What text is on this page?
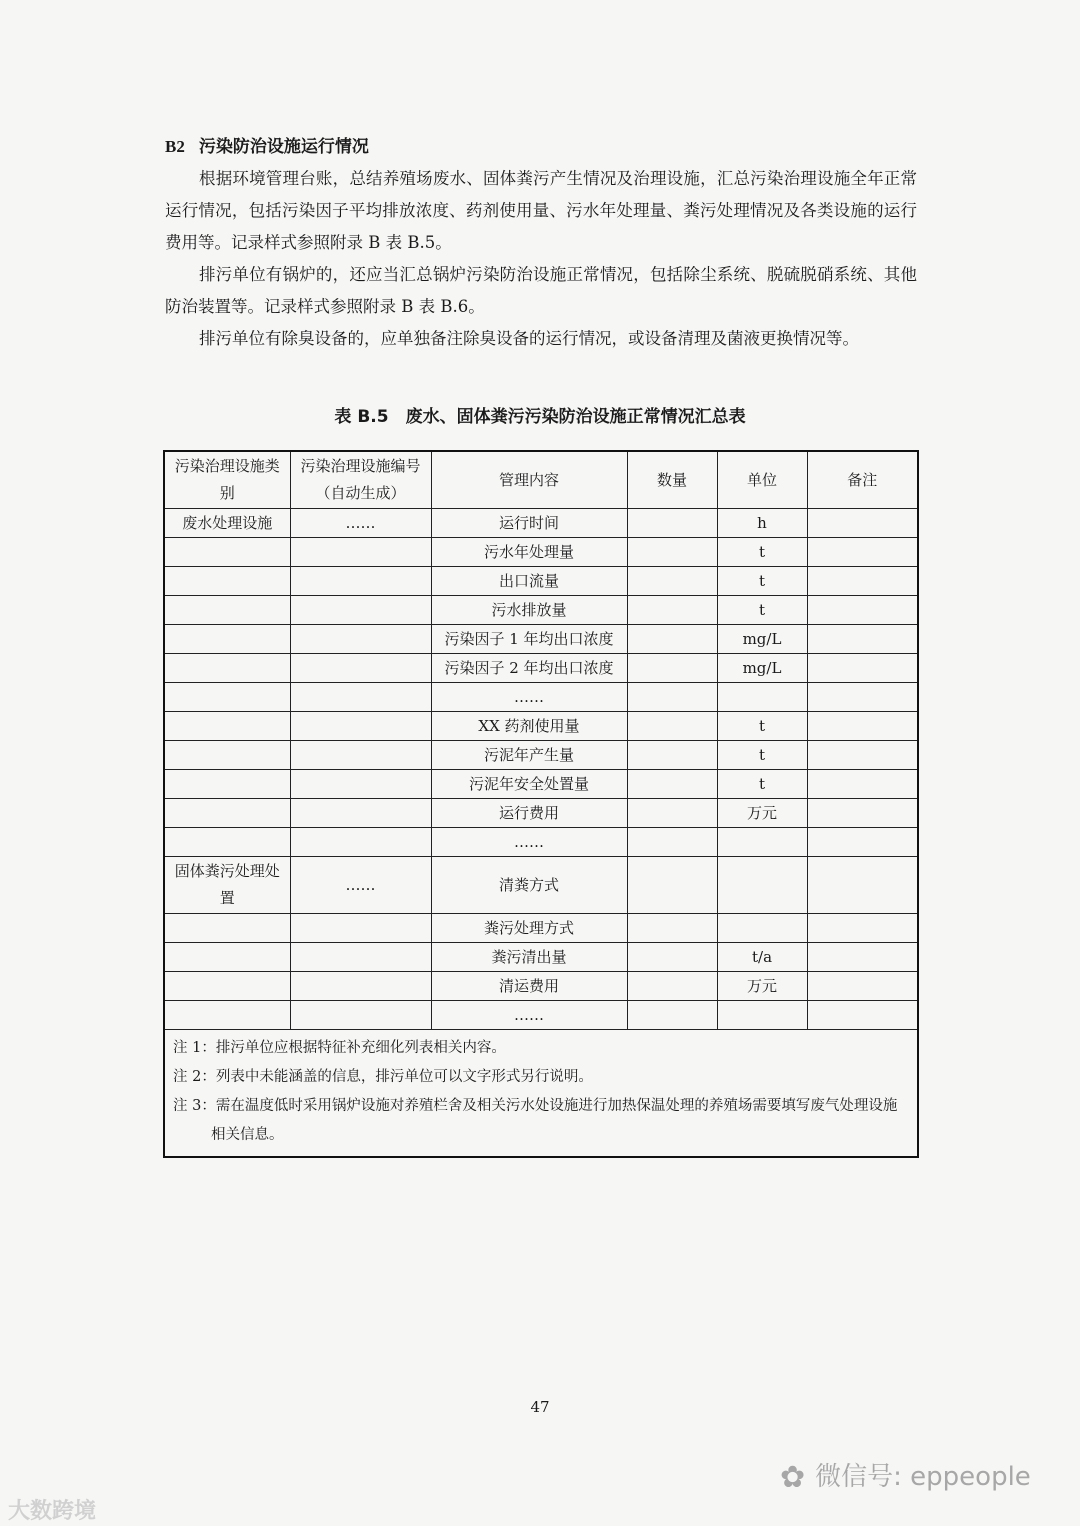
B2 污染防治设施运行情况
根据环境管理台账，总结养殖场废水、固体粪污产生情况及治理设施，汇总污染治理设施全年正常运行情况，包括污染因子平均排放浓度、药剂使用量、污水年处理量、粪污处理情况及各类设施的运行费用等。记录样式参照附录 B 表 B.5。
排污单位有锅炉的，还应当汇总锅炉污染防治设施正常情况，包括除尘系统、脱硫脱硝系统、其他防治装置等。记录样式参照附录 B 表 B.6。
排污单位有除臭设备的，应单独备注除臭设备的运行情况，或设备清理及菌液更换情况等。
表 B.5　废水、固体粪污污染防治设施正常情况汇总表
污染治理设施类别	污染治理设施编号（自动生成）	管理内容	数量	单位	备注
废水处理设施	……	运行时间		h	
		污水年处理量		t	
		出口流量		t	
		污水排放量		t	
		污染因子 1 年均出口浓度		mg/L	
		污染因子 2 年均出口浓度		mg/L	
		……			
		XX 药剂使用量		t	
		污泥年产生量		t	
		污泥年安全处置量		t	
		运行费用		万元	
		……			
固体粪污处理处置	……	清粪方式			
		粪污处理方式			
		粪污清出量		t/a	
		清运费用		万元	
		……			

注 1：排污单位应根据特征补充细化列表相关内容。
注 2：列表中未能涵盖的信息，排污单位可以文字形式另行说明。
注 3：需在温度低时采用锅炉设施对养殖栏舍及相关污水处设施进行加热保温处理的养殖场需要填写废气处理设施相关信息。					
47
✿ 微信号: eppeople
大数跨境
